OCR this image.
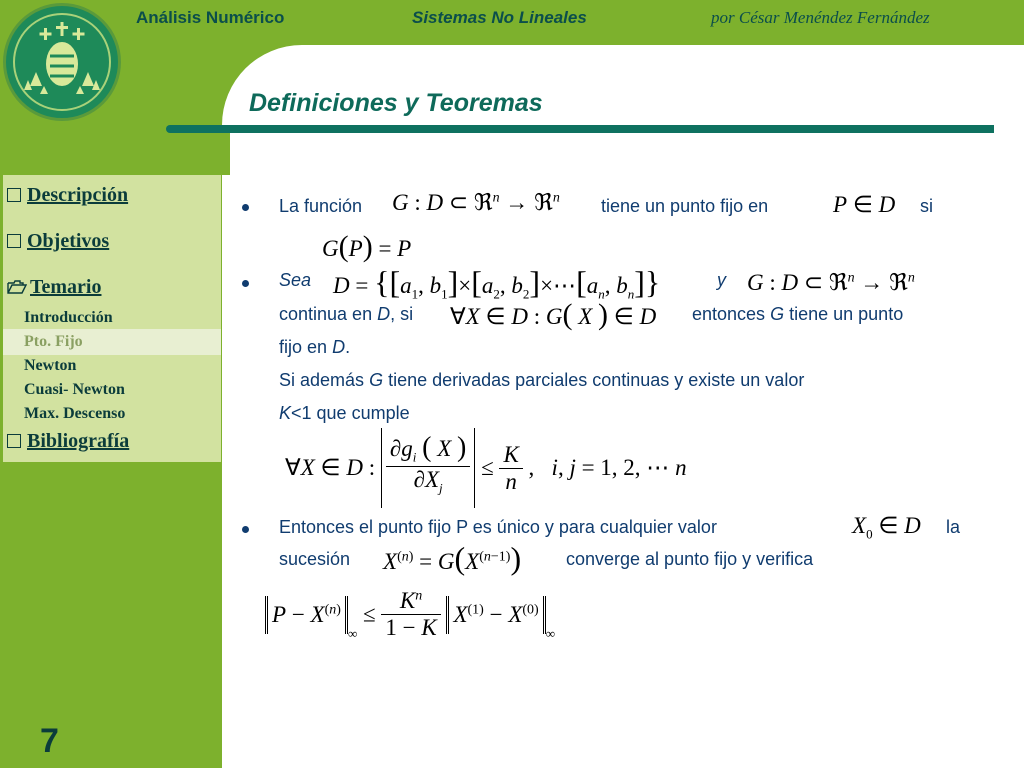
Análisis Numérico	Sistemas No Lineales	por César Menéndez Fernández
Definiciones y Teoremas
Descripción
Objetivos
Temario
Introducción
Pto. Fijo
Newton
Cuasi- Newton
Max. Descenso
Bibliografía
7
La función G : D ⊂ ℜ$^n$ → ℜ$^n$ tiene un punto fijo en	P ∈ D si
G(P) = P
Sea $D = \{[a_1$, $b_1]\times[a_2$, $b_2]\times\cdots[a_n$, $b_n$]}	y G : D ⊂ ℜ$^n$ → ℜ$^n$
continua en D, si ∀X ∈ D : G( X ) ∈ D entonces G tiene un punto
fijo en D.
Si además G tiene derivadas parciales continuas y existe un valor
K<1 que cumple
∀X ∈ D : $\frac{\partial g_i ( X )}{\partial X_j} \le \frac{K}{n}$ ,   i, j = 1, 2, ⋯ n
Entonces el punto fijo P es único y para cualquier valor	$X_0$ ∈ D la
sucesión $X^{(n)} = G(X^{(n-1)})$ converge al punto fijo y verifica
$P - X^{(n)}_\infty \le \frac{K^n}{1 - K} X^{(1)} - X^{(0)}_\infty$
